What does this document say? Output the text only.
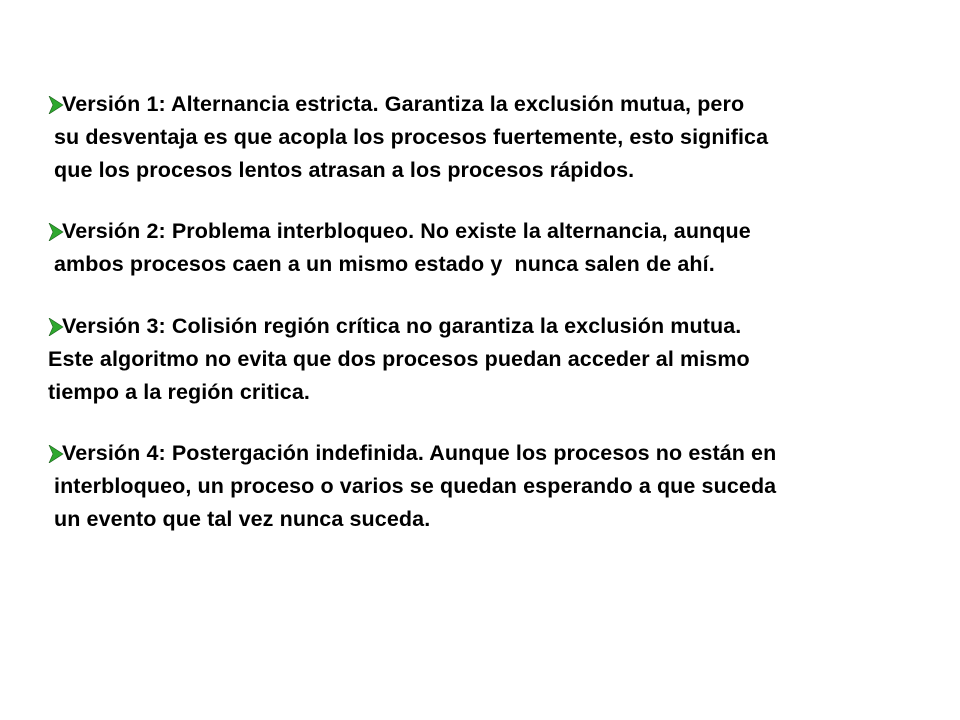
Versión 1: Alternancia estricta. Garantiza la exclusión mutua, pero
su desventaja es que acopla los procesos fuertemente, esto significa
que los procesos lentos atrasan a los procesos rápidos.
Versión 2: Problema interbloqueo. No existe la alternancia, aunque
ambos procesos caen a un mismo estado y  nunca salen de ahí.
Versión 3: Colisión región crítica no garantiza la exclusión mutua.
Este algoritmo no evita que dos procesos puedan acceder al mismo
tiempo a la región critica.
Versión 4: Postergación indefinida. Aunque los procesos no están en
interbloqueo, un proceso o varios se quedan esperando a que suceda
un evento que tal vez nunca suceda.
